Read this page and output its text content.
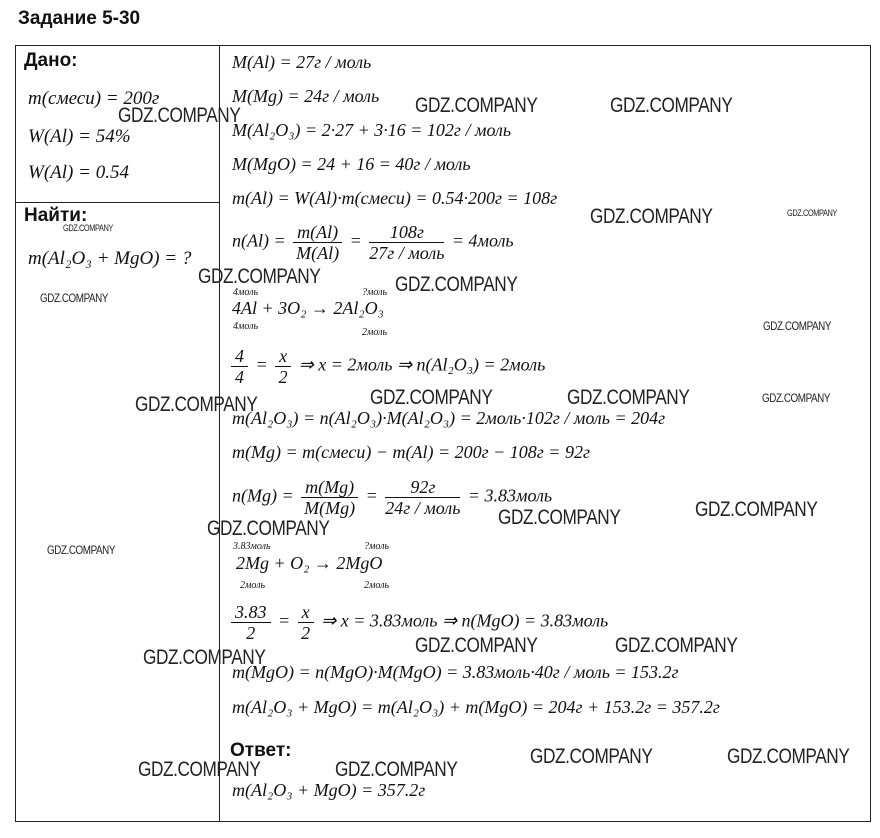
Задание 5-30
Дано:
m(смеси) = 200г
W(Al) = 54%
W(Al) = 0.54
Найти:
m(Al₂O₃ + MgO) = ?
M(Al) = 27г / моль
M(Mg) = 24г / моль
M(Al₂O₃) = 2·27 + 3·16 = 102г / моль
M(MgO) = 24 + 16 = 40г / моль
m(Al) = W(Al)·m(смеси) = 0.54·200г = 108г
$n(Al) = \frac{m(Al)}{M(Al)} = \frac{108г}{\text{27г / моль}}$ = 4моль
4моль	?моль
4Al + 3O₂ → 2Al₂O₃
4моль
2моль
$\frac{4}{4} = \frac{x}{2}$ ⇒ x = 2моль ⇒ n(Al₂O₃) = 2моль
m(Al₂O₃) = n(Al₂O₃)·M(Al₂O₃) = 2моль·102г / моль = 204г
m(Mg) = m(смеси) − m(Al) = 200г − 108г = 92г
$n(Mg) = \frac{m(Mg)}{M(Mg)} = \frac{92г}{\text{24г / моль}}$ = 3.83моль
3.83моль	?моль
2Mg + O₂ → 2MgO
2моль	2моль
$\frac{3.83}{2} = \frac{x}{2}$ ⇒ x = 3.83моль ⇒ n(MgO) = 3.83моль
m(MgO) = n(MgO)·M(MgO) = 3.83моль·40г / моль = 153.2г
m(Al₂O₃ + MgO) = m(Al₂O₃) + m(MgO) = 204г + 153.2г = 357.2г
Ответ:
m(Al₂O₃ + MgO) = 357.2г
GDZ.COMPANY	GDZ.COMPANY	GDZ.COMPANY
GDZ.COMPANY	GDZ.COMPANY	GDZ.COMPANY
GDZ.COMPANY	GDZ.COMPANY
GDZ.COMPANY
GDZ.COMPANY
GDZ.COMPANY	GDZ.COMPANY	GDZ.COMPANY	GDZ.COMPANY
GDZ.COMPANY	GDZ.COMPANY
GDZ.COMPANY
GDZ.COMPANY
GDZ.COMPANY	GDZ.COMPANY
GDZ.COMPANY
GDZ.COMPANY	GDZ.COMPANY
GDZ.COMPANY	GDZ.COMPANY
